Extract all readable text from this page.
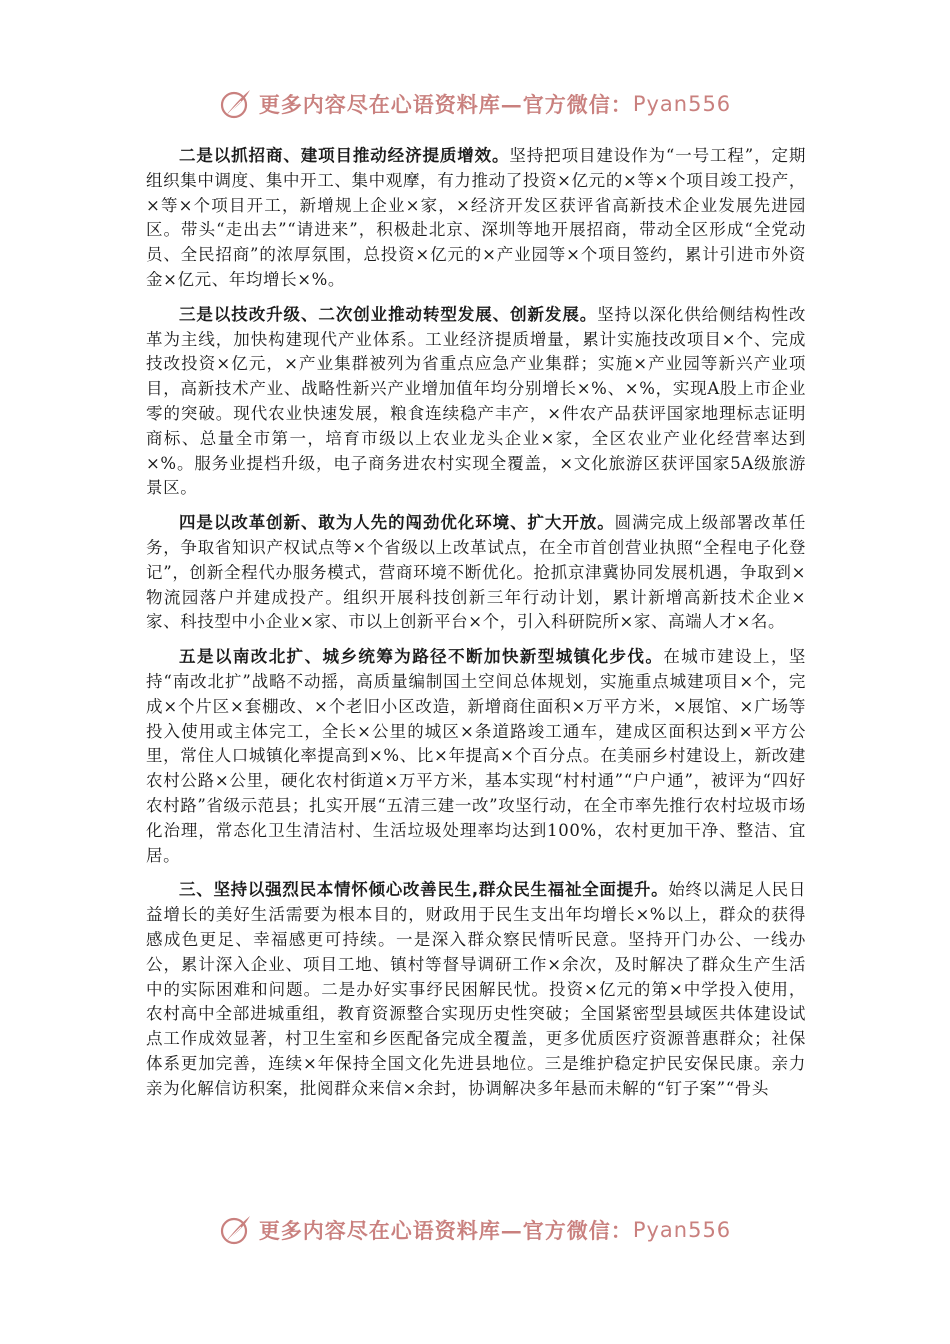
更多内容尽在心语资料库—官方微信： Pyan556

二是以抓招商、建项目推动经济提质增效。坚持把项目建设作为“一号工程”，定期组织集中调度、集中开工、集中观摩，有力推动了投资×亿元的×等×个项目竣工投产，×等×个项目开工，新增规上企业×家，×经济开发区获评省高新技术企业发展先进园区。带头“走出去”“请进来”，积极赴北京、深圳等地开展招商，带动全区形成“全党动员、全民招商”的浓厚氛围，总投资×亿元的×产业园等×个项目签约，累计引进市外资金×亿元、年均增长×%。

三是以技改升级、二次创业推动转型发展、创新发展。坚持以深化供给侧结构性改革为主线，加快构建现代产业体系。工业经济提质增量，累计实施技改项目×个、完成技改投资×亿元，×产业集群被列为省重点应急产业集群；实施×产业园等新兴产业项目，高新技术产业、战略性新兴产业增加值年均分别增长×%、×%，实现A股上市企业零的突破。现代农业快速发展，粮食连续稳产丰产，×件农产品获评国家地理标志证明商标、总量全市第一，培育市级以上农业龙头企业×家，全区农业产业化经营率达到×%。服务业提档升级，电子商务进农村实现全覆盖，×文化旅游区获评国家5A级旅游景区。

四是以改革创新、敢为人先的闯劲优化环境、扩大开放。圆满完成上级部署改革任务，争取省知识产权试点等×个省级以上改革试点，在全市首创营业执照“全程电子化登记”，创新全程代办服务模式，营商环境不断优化。抢抓京津冀协同发展机遇，争取到×物流园落户并建成投产。组织开展科技创新三年行动计划，累计新增高新技术企业×家、科技型中小企业×家、市以上创新平台×个，引入科研院所×家、高端人才×名。

五是以南改北扩、城乡统筹为路径不断加快新型城镇化步伐。在城市建设上，坚持“南改北扩”战略不动摇，高质量编制国土空间总体规划，实施重点城建项目×个，完成×个片区×套棚改、×个老旧小区改造，新增商住面积×万平方米，×展馆、×广场等投入使用或主体完工，全长×公里的城区×条道路竣工通车，建成区面积达到×平方公里，常住人口城镇化率提高到×%、比×年提高×个百分点。在美丽乡村建设上，新改建农村公路×公里，硬化农村街道×万平方米，基本实现“村村通”“户户通”，被评为“四好农村路”省级示范县；扎实开展“五清三建一改”攻坚行动，在全市率先推行农村垃圾市场化治理，常态化卫生清洁村、生活垃圾处理率均达到100%，农村更加干净、整洁、宜居。

三、坚持以强烈民本情怀倾心改善民生,群众民生福祉全面提升。始终以满足人民日益增长的美好生活需要为根本目的，财政用于民生支出年均增长×%以上，群众的获得感成色更足、幸福感更可持续。一是深入群众察民情听民意。坚持开门办公、一线办公，累计深入企业、项目工地、镇村等督导调研工作×余次，及时解决了群众生产生活中的实际困难和问题。二是办好实事纾民困解民忧。投资×亿元的第×中学投入使用，农村高中全部进城重组，教育资源整合实现历史性突破；全国紧密型县域医共体建设试点工作成效显著，村卫生室和乡医配备完成全覆盖，更多优质医疗资源普惠群众；社保体系更加完善，连续×年保持全国文化先进县地位。三是维护稳定护民安保民康。亲力亲为化解信访积案，批阅群众来信×余封，协调解决多年悬而未解的“钉子案”“骨头

更多内容尽在心语资料库—官方微信： Pyan556
